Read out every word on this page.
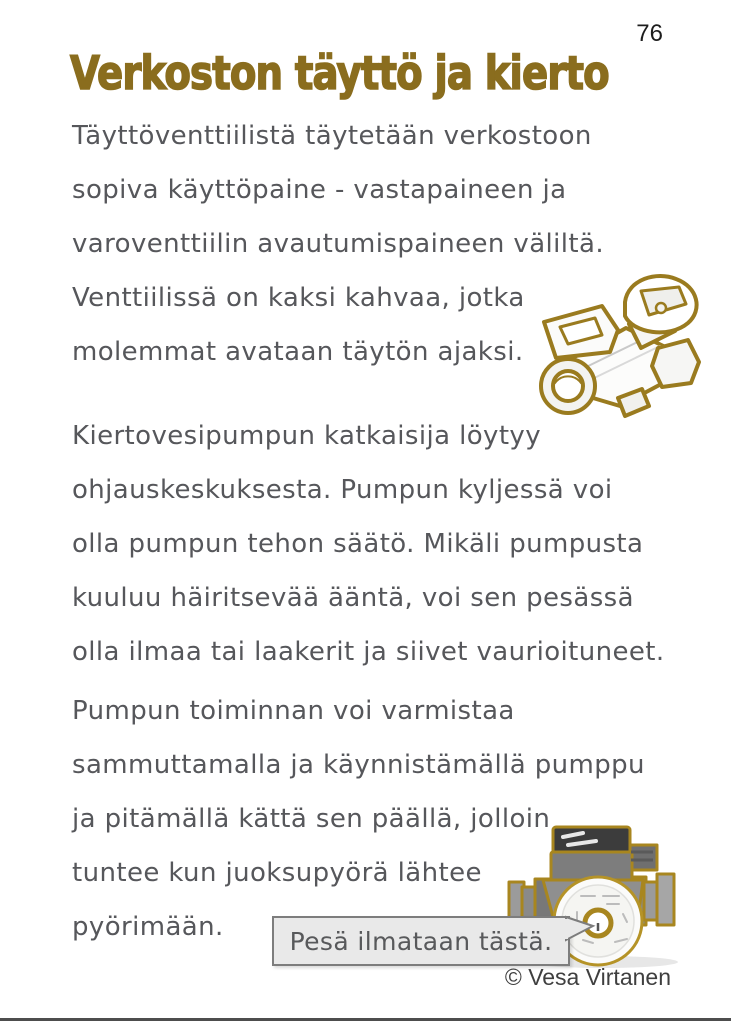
76
Verkoston täyttö ja kierto
Täyttöventtiilistä täytetään verkostoon
sopiva käyttöpaine - vastapaineen ja
varoventtiilin avautumispaineen väliltä.
Venttiilissä on kaksi kahvaa, jotka
molemmat avataan täytön ajaksi.
Kiertovesipumpun katkaisija löytyy
ohjauskeskuksesta. Pumpun kyljessä voi
olla pumpun tehon säätö. Mikäli pumpusta
kuuluu häiritsevää ääntä, voi sen pesässä
olla ilmaa tai laakerit ja siivet vaurioituneet.
Pumpun toiminnan voi varmistaa
sammuttamalla ja käynnistämällä pumppu
ja pitämällä kättä sen päällä, jolloin
tuntee kun juoksupyörä lähtee
pyörimään.	Pesä ilmataan tästä.
© Vesa Virtanen
